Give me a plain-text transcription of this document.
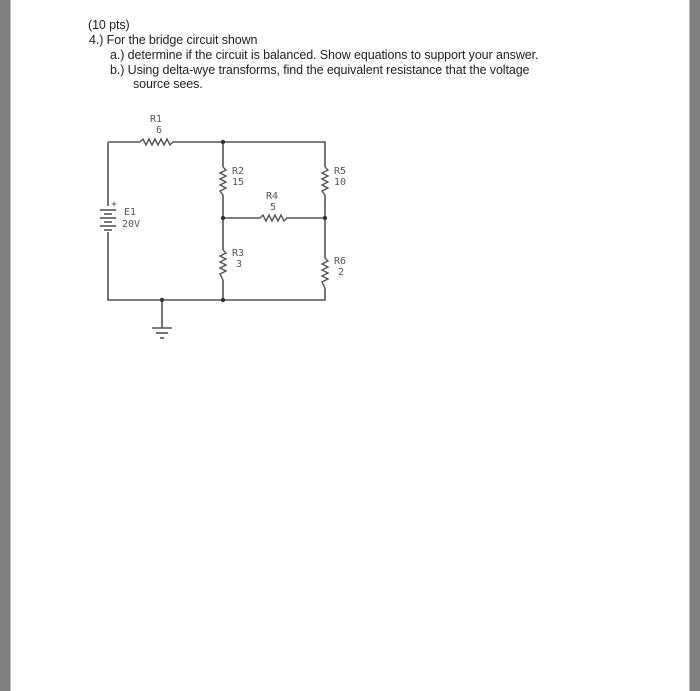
(10 pts)
4.) For the bridge circuit shown
a.) determine if the circuit is balanced. Show equations to support your answer.
b.) Using delta-wye transforms, find the equivalent resistance that the voltage
source sees.
R1
6
R2
15
R4
5
R5
10
R3
3	R6
2
+
E1
20V
